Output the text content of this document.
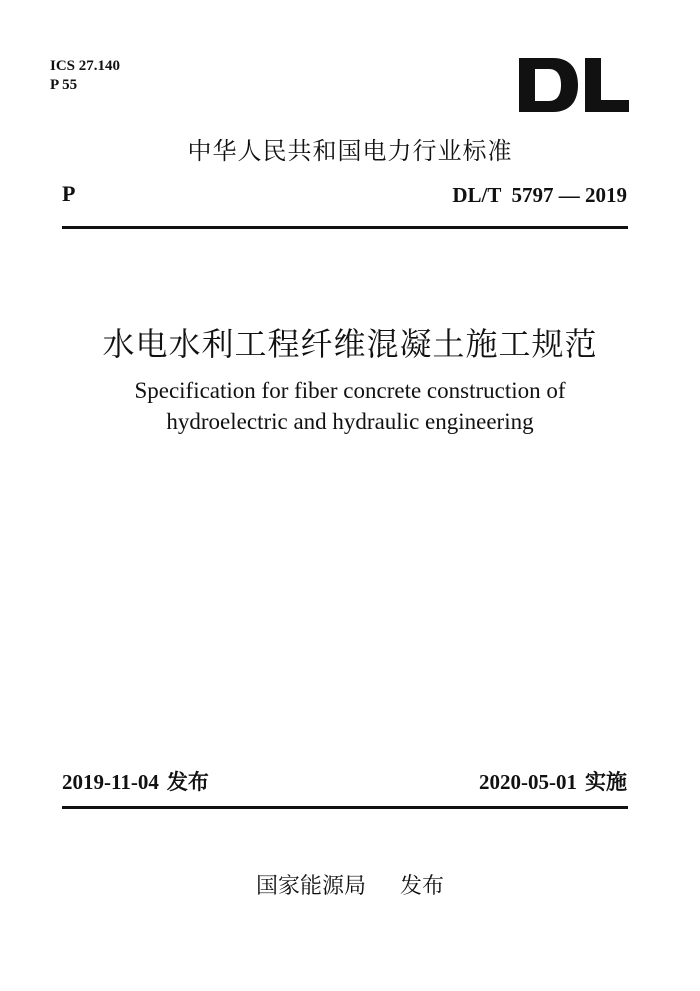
ICS 27.140
P 55
中华人民共和国电力行业标准
P	DL/T  5797 — 2019
水电水利工程纤维混凝土施工规范
Specification for fiber concrete construction of
hydroelectric and hydraulic engineering
2019-11-04 发布	2020-05-01 实施
国家能源局 发布
